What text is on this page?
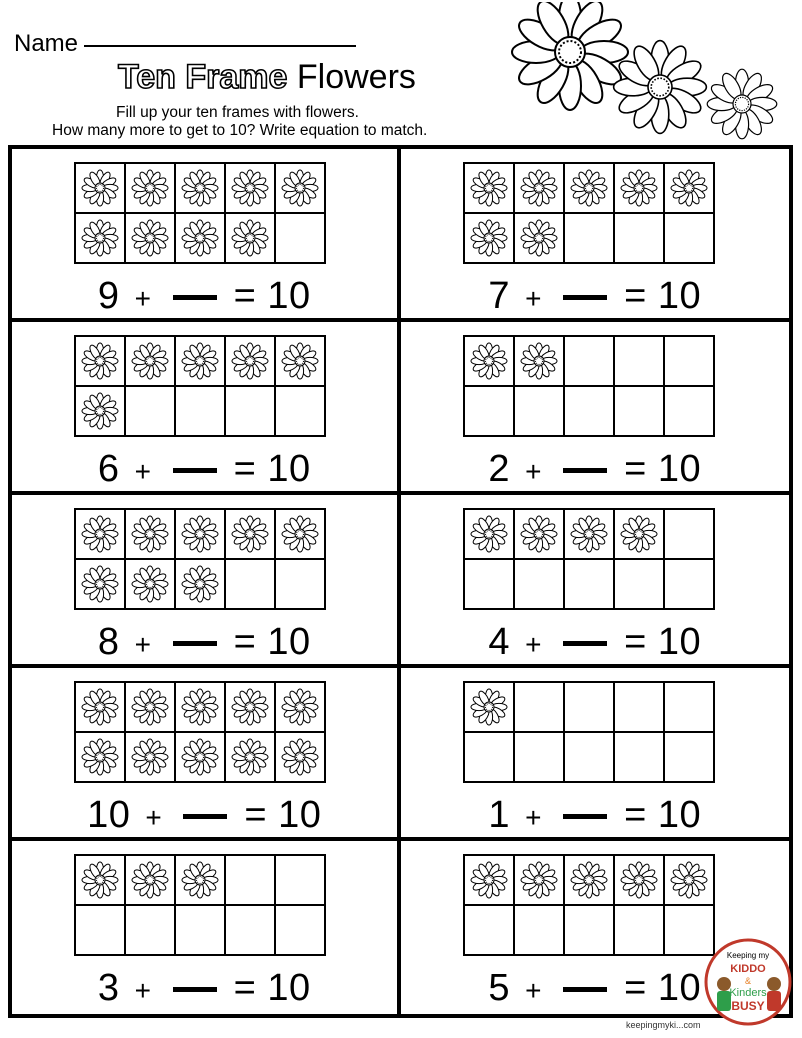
Name
Ten Frame Flowers
Fill up your ten frames with flowers.
How many more to get to 10? Write equation to match.
9 + = 10	7 + = 10
6 + = 10	2 + = 10
8 + = 10	4 + = 10
10 + = 10	1 + = 10
3 + = 10	5 + = 10
Keeping my
KIDDO
&
Kinders
BUSY
keepingmyki...com
